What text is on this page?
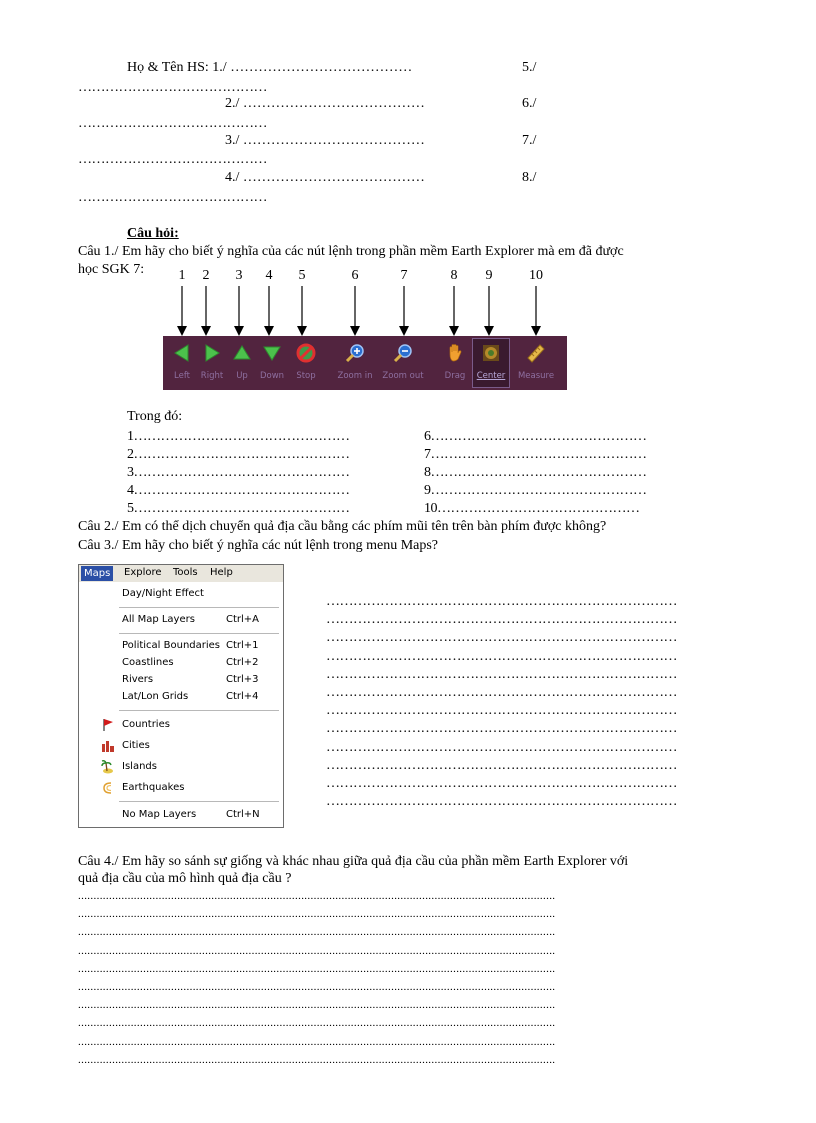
Họ & Tên HS: 1./ …………………………………	5./
……………………………………
2./ …………………………………	6./
……………………………………
3./ …………………………………	7./
……………………………………
4./ …………………………………	8./
……………………………………
Câu hỏi:
Câu 1./ Em hãy cho biết ý nghĩa của các nút lệnh trong phần mềm Earth Explorer mà em đã được
học SGK 7:	1	2	3	4	5	6	7	8	9	10
Left	Right	Up	Down	Stop	Zoom in	Zoom out	Drag	Center	Measure
Trong đó:
1…………………………………………
2…………………………………………
3…………………………………………
4…………………………………………
5…………………………………………
6…………………………………………
7…………………………………………
8…………………………………………
9…………………………………………
10………………………………………
Câu 2./ Em có thể dịch chuyển quả địa cầu bằng các phím mũi tên trên bàn phím được không?
Câu 3./ Em hãy cho biết ý nghĩa các nút lệnh trong menu Maps?
Maps	Explore Tools Help
Day/Night Effect
All Map Layers	Ctrl+A
Political Boundaries Ctrl+1
Coastlines	Ctrl+2
Rivers	Ctrl+3
Lat/Lon Grids	Ctrl+4
Countries
Cities
Islands
Earthquakes
No Map Layers	Ctrl+N
……………………………………………………………………
……………………………………………………………………
……………………………………………………………………
……………………………………………………………………
……………………………………………………………………
……………………………………………………………………
……………………………………………………………………
……………………………………………………………………
……………………………………………………………………
……………………………………………………………………
……………………………………………………………………
……………………………………………………………………
Câu 4./ Em hãy so sánh sự giống và khác nhau giữa quả địa cầu của phần mềm Earth Explorer với
quả địa cầu của mô hình quả địa cầu ?
..........................................................................................................................................................
..........................................................................................................................................................
..........................................................................................................................................................
..........................................................................................................................................................
..........................................................................................................................................................
..........................................................................................................................................................
..........................................................................................................................................................
..........................................................................................................................................................
..........................................................................................................................................................
..........................................................................................................................................................
